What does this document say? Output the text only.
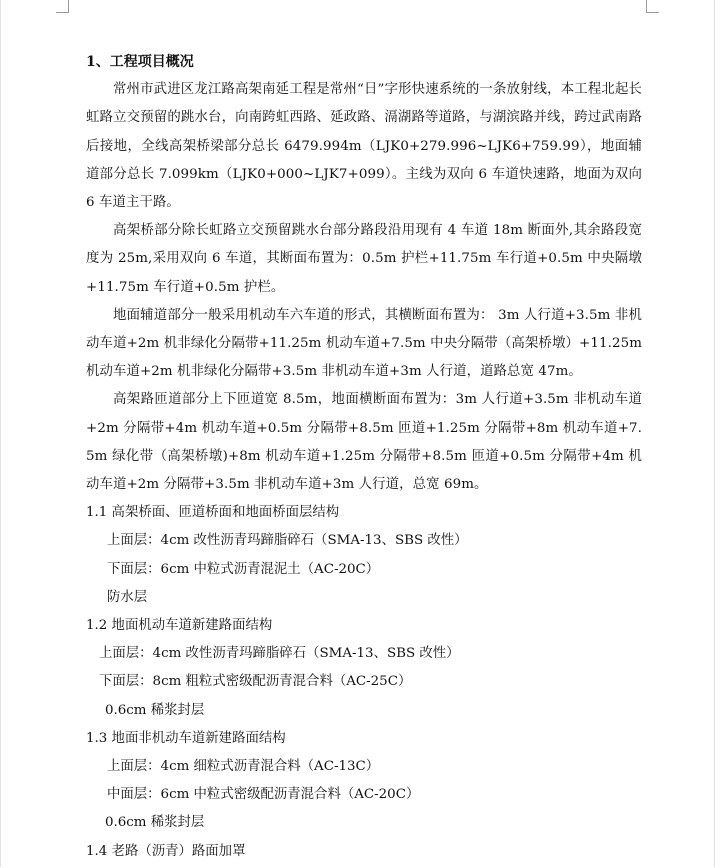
1、工程项目概况

常州市武进区龙江路高架南延工程是常州“日”字形快速系统的一条放射线，本工程北起长虹路立交预留的跳水台，向南跨虹西路、延政路、滆湖路等道路，与湖滨路并线，跨过武南路后接地，全线高架桥梁部分总长 6479.994m（LJK0+279.996~LJK6+759.99），地面辅道部分总长 7.099km（LJK0+000~LJK7+099）。主线为双向 6 车道快速路，地面为双向 6 车道主干路。

高架桥部分除长虹路立交预留跳水台部分路段沿用现有 4 车道 18m 断面外,其余路段宽度为 25m,采用双向 6 车道，其断面布置为：0.5m 护栏+11.75m 车行道+0.5m 中央隔墩+11.75m 车行道+0.5m 护栏。

地面辅道部分一般采用机动车六车道的形式，其横断面布置为： 3m 人行道+3.5m 非机动车道+2m 机非绿化分隔带+11.25m 机动车道+7.5m 中央分隔带（高架桥墩）+11.25m 机动车道+2m 机非绿化分隔带+3.5m 非机动车道+3m 人行道，道路总宽 47m。

高架路匝道部分上下匝道宽 8.5m，地面横断面布置为：3m 人行道+3.5m 非机动车道+2m 分隔带+4m 机动车道+0.5m 分隔带+8.5m 匝道+1.25m 分隔带+8m 机动车道+7.5m 绿化带（高架桥墩)+8m 机动车道+1.25m 分隔带+8.5m 匝道+0.5m 分隔带+4m 机动车道+2m 分隔带+3.5m 非机动车道+3m 人行道，总宽 69m。

1.1 高架桥面、匝道桥面和地面桥面层结构
上面层：4cm 改性沥青玛蹄脂碎石（SMA-13、SBS 改性）
下面层：6cm 中粒式沥青混泥土（AC-20C）
防水层
1.2 地面机动车道新建路面结构
上面层：4cm 改性沥青玛蹄脂碎石（SMA-13、SBS 改性）
下面层：8cm 粗粒式密级配沥青混合料（AC-25C）
0.6cm 稀浆封层
1.3 地面非机动车道新建路面结构
上面层：4cm 细粒式沥青混合料（AC-13C）
中面层：6cm 中粒式密级配沥青混合料（AC-20C）
0.6cm 稀浆封层
1.4 老路（沥青）路面加罩
